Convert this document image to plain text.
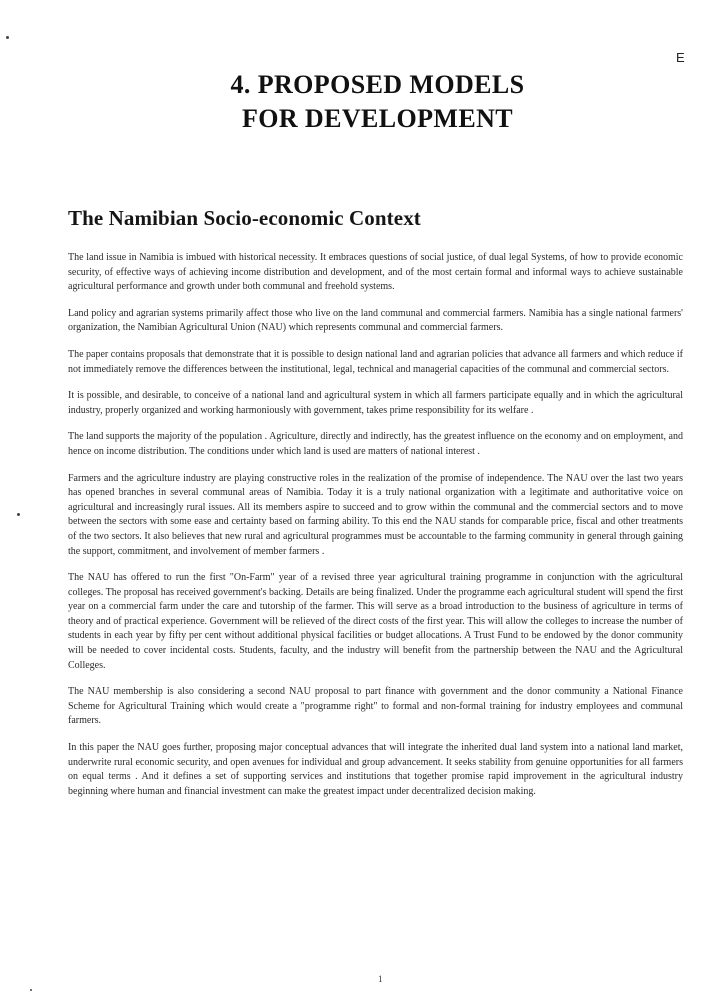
E
4. PROPOSED MODELS
FOR DEVELOPMENT
The Namibian Socio-economic Context

The land issue in Namibia is imbued with historical necessity. It embraces questions of social justice, of dual legal Systems, of how to provide economic security, of effective ways of achieving income distribution and development, and of the most certain formal and informal ways to achieve sustainable agricultural performance and growth under both communal and freehold systems.

Land policy and agrarian systems primarily affect those who live on the land communal and commercial farmers. Namibia has a single national farmers' organization, the Namibian Agricultural Union (NAU) which represents communal and commercial farmers.

The paper contains proposals that demonstrate that it is possible to design national land and agrarian policies that advance all farmers and which reduce if not immediately remove the differences between the institutional, legal, technical and managerial capacities of the communal and commercial sectors.

It is possible, and desirable, to conceive of a national land and agricultural system in which all farmers participate equally and in which the agricultural industry, properly organized and working harmoniously with government, takes prime responsibility for its welfare .

The land supports the majority of the population . Agriculture, directly and indirectly, has the greatest influence on the economy and on employment, and hence on income distribution. The conditions under which land is used are matters of national interest .

Farmers and the agriculture industry are playing constructive roles in the realization of the promise of independence. The NAU over the last two years has opened branches in several communal areas of Namibia. Today it is a truly national organization with a legitimate and authoritative voice on agricultural and increasingly rural issues. All its members aspire to succeed and to grow within the communal and the commercial sectors and to move between the sectors with some ease and certainty based on farming ability. To this end the NAU stands for comparable price, fiscal and other treatments of the two sectors. It also believes that new rural and agricultural programmes must be accountable to the farming community in general through gaining the support, commitment, and involvement of member farmers .

The NAU has offered to run the first "On-Farm" year of a revised three year agricultural training programme in conjunction with the agricultural colleges. The proposal has received government's backing. Details are being finalized. Under the programme each agricultural student will spend the first year on a commercial farm under the care and tutorship of the farmer. This will serve as a broad introduction to the business of agriculture in terms of theory and of practical experience. Government will be relieved of the direct costs of the first year. This will allow the colleges to increase the number of students in each year by fifty per cent without additional physical facilities or budget allocations. A Trust Fund to be endowed by the donor community will be needed to cover incidental costs. Students, faculty, and the industry will benefit from the partnership between the NAU and the Agricultural Colleges.

The NAU membership is also considering a second NAU proposal to part finance with government and the donor community a National Finance Scheme for Agricultural Training which would create a "programme right" to formal and non-formal training for industry employees and communal farmers.

In this paper the NAU goes further, proposing major conceptual advances that will integrate the inherited dual land system into a national land market, underwrite rural economic security, and open avenues for individual and group advancement. It seeks stability from genuine opportunities for all farmers on equal terms . And it defines a set of supporting services and institutions that together promise rapid improvement in the agricultural industry beginning where human and financial investment can make the greatest impact under decentralized decision making.

1
